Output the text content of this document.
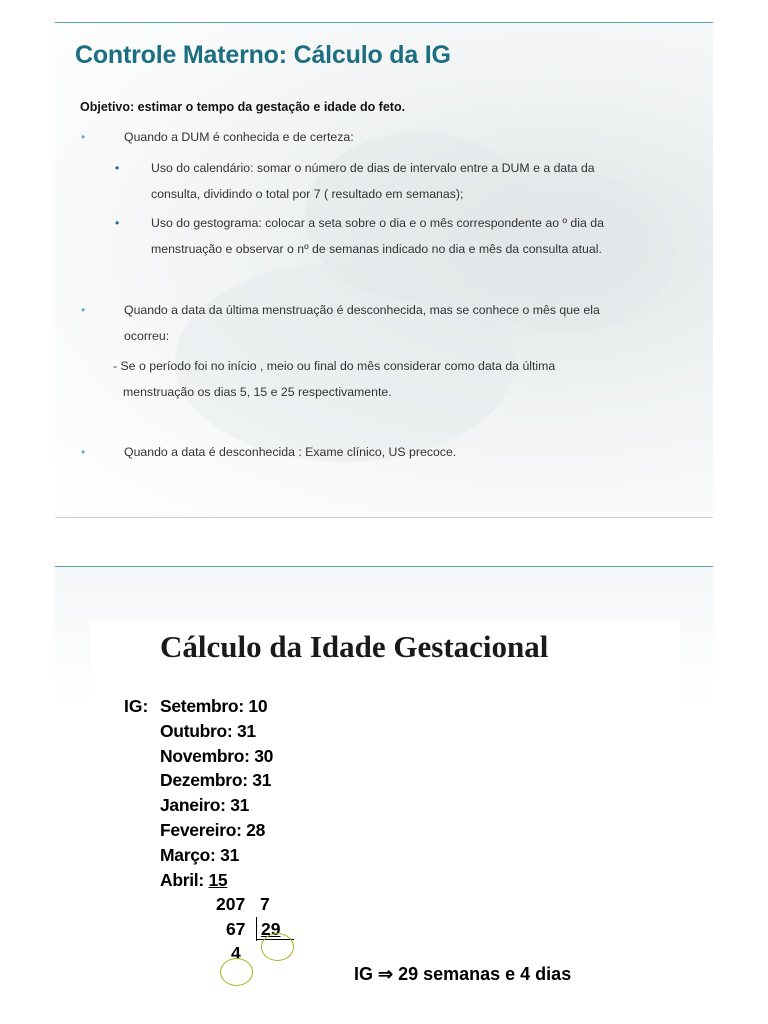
Controle Materno: Cálculo da IG
Objetivo: estimar o tempo da gestação e idade do feto.
•	Quando a DUM é conhecida e de certeza:
•	Uso do calendário: somar o número de dias de intervalo entre a DUM e a data da
consulta, dividindo o total por 7 ( resultado em semanas);
•	Uso do gestograma: colocar a seta sobre o dia e o mês correspondente ao º dia da
menstruação e observar o nº de semanas indicado no dia e mês da consulta atual.
•	Quando a data da última menstruação é desconhecida, mas se conhece o mês que ela
ocorreu:
- Se o período foi no início , meio ou final do mês considerar como data da última
menstruação os dias 5, 15 e 25 respectivamente.
•	Quando a data é desconhecida : Exame clínico, US precoce.
Cálculo da Idade Gestacional
IG: Setembro: 10
Outubro: 31
Novembro: 30
Dezembro: 31
Janeiro: 31
Fevereiro: 28
Março: 31
Abril: 15
207 7
67 29
4
IG ⇒ 29 semanas e 4 dias
